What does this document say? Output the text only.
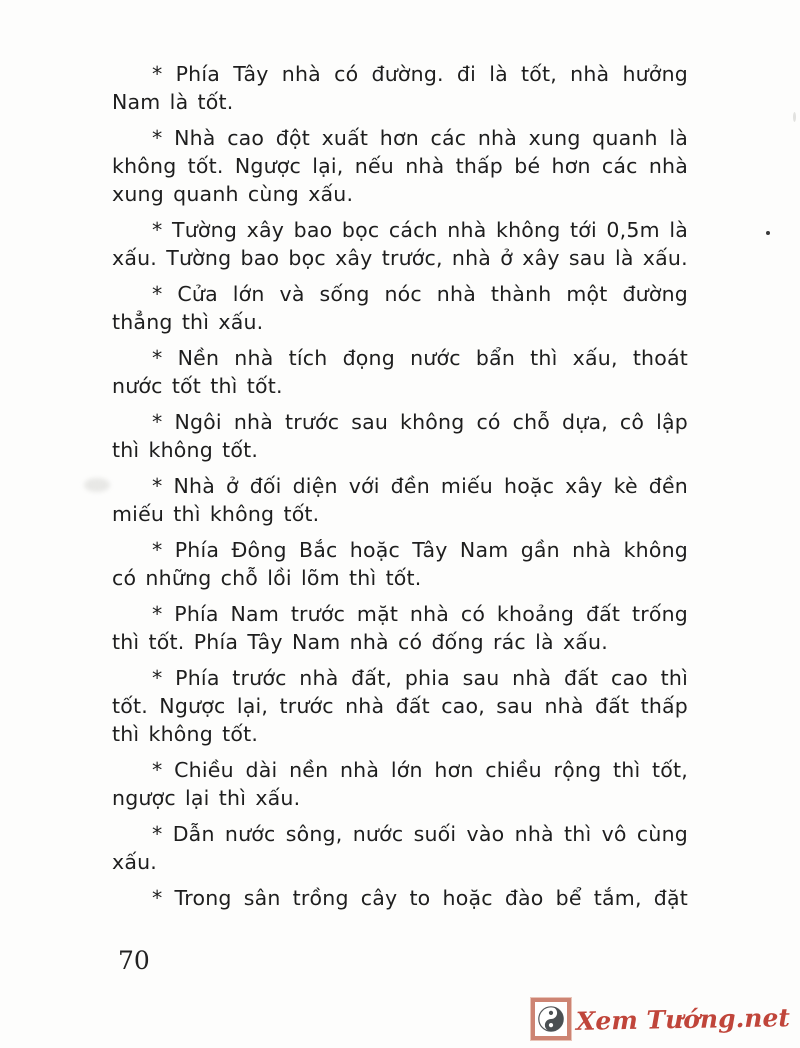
* Phía Tây nhà có đường. đi là tốt, nhà hưởng Nam là tốt.

* Nhà cao đột xuất hơn các nhà xung quanh là không tốt. Ngược lại, nếu nhà thấp bé hơn các nhà xung quanh cùng xấu.

* Tường xây bao bọc cách nhà không tới 0,5m là xấu. Tường bao bọc xây trước, nhà ở xây sau là xấu.

* Cửa lớn và sống nóc nhà thành một đường thẳng thì xấu.

* Nền nhà tích đọng nước bẩn thì xấu, thoát nước tốt thì tốt.

* Ngôi nhà trước sau không có chỗ dựa, cô lập thì không tốt.

* Nhà ở đối diện với đền miếu hoặc xây kè đền miếu thì không tốt.

* Phía Đông Bắc hoặc Tây Nam gần nhà không có những chỗ lồi lõm thì tốt.

* Phía Nam trước mặt nhà có khoảng đất trống thì tốt. Phía Tây Nam nhà có đống rác là xấu.

* Phía trước nhà đất, phia sau nhà đất cao thì tốt. Ngược lại, trước nhà đất cao, sau nhà đất thấp thì không tốt.

* Chiều dài nền nhà lớn hơn chiều rộng thì tốt, ngược lại thì xấu.

* Dẫn nước sông, nước suối vào nhà thì vô cùng xấu.

* Trong sân trồng cây to hoặc đào bể tắm, đặt

70
Xem Tướng.net
